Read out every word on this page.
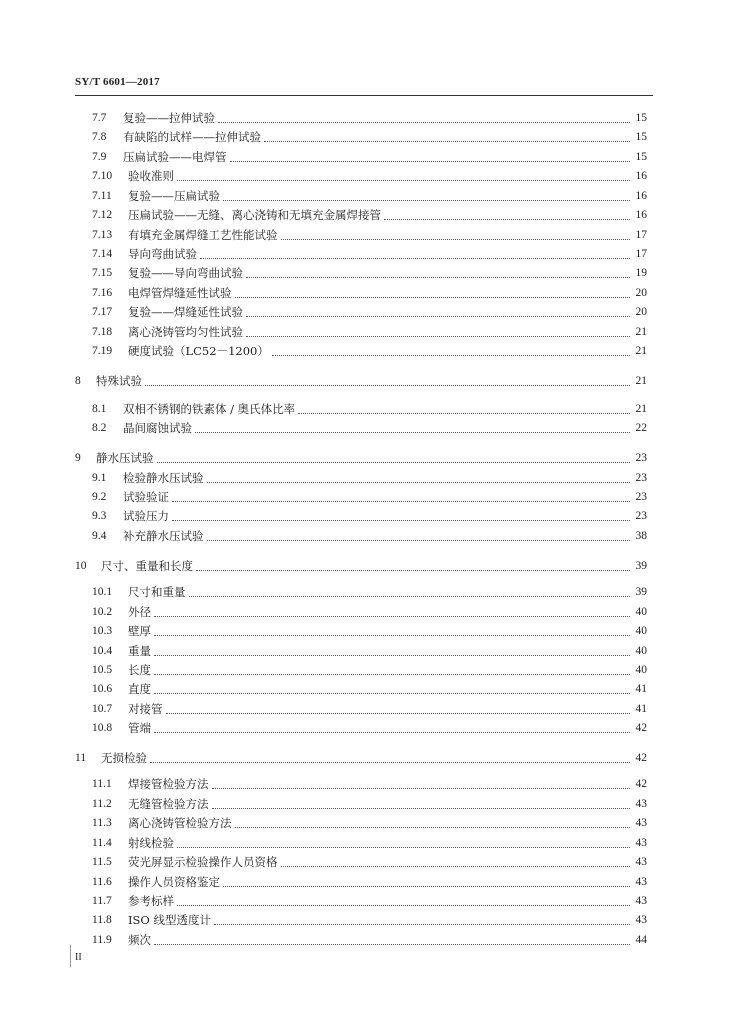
SY/T 6601—2017
7.7	复验——拉伸试验	15
7.8	有缺陷的试样——拉伸试验	15
7.9	压扁试验——电焊管	15
7.10	验收准则	16
7.11	复验——压扁试验	16
7.12	压扁试验——无缝、离心浇铸和无填充金属焊接管	16
7.13	有填充金属焊缝工艺性能试验	17
7.14	导向弯曲试验	17
7.15	复验——导向弯曲试验	19
7.16	电焊管焊缝延性试验	20
7.17	复验——焊缝延性试验	20
7.18	离心浇铸管均匀性试验	21
7.19	硬度试验（LC52－1200）	21
8	特殊试验	21
8.1	双相不锈钢的铁素体 / 奥氏体比率	21
8.2	晶间腐蚀试验	22
9	静水压试验	23
9.1	检验静水压试验	23
9.2	试验验证	23
9.3	试验压力	23
9.4	补充静水压试验	38
10	尺寸、重量和长度	39
10.1	尺寸和重量	39
10.2	外径	40
10.3	壁厚	40
10.4	重量	40
10.5	长度	40
10.6	直度	41
10.7	对接管	41
10.8	管端	42
11	无损检验	42
11.1	焊接管检验方法	42
11.2	无缝管检验方法	43
11.3	离心浇铸管检验方法	43
11.4	射线检验	43
11.5	荧光屏显示检验操作人员资格	43
11.6	操作人员资格鉴定	43
11.7	参考标样	43
11.8	ISO 线型透度计	43
11.9	频次	44
II
